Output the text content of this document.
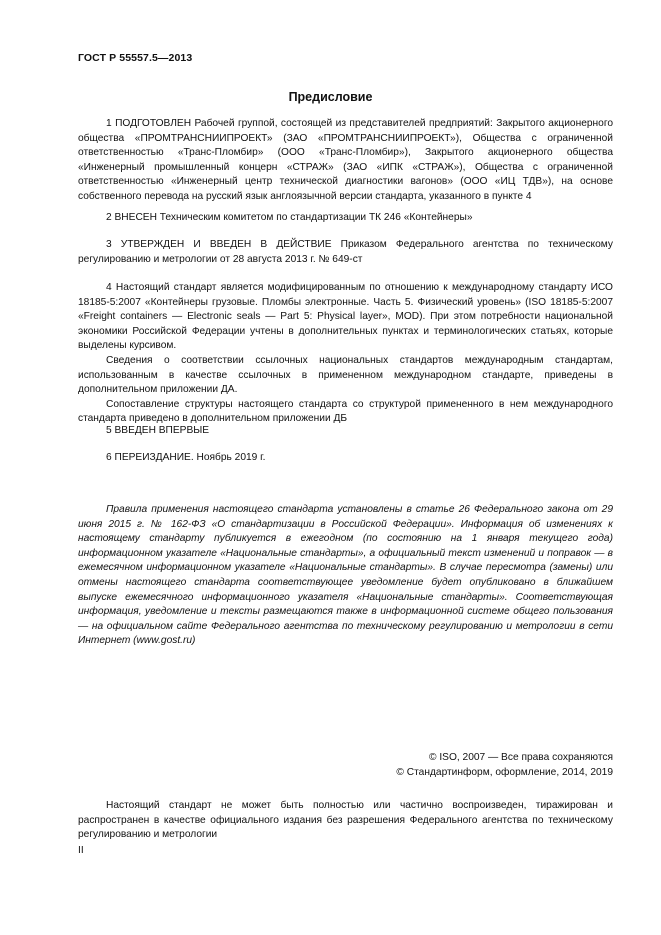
ГОСТ Р 55557.5—2013
Предисловие

1 ПОДГОТОВЛЕН Рабочей группой, состоящей из представителей предприятий: Закрытого акционерного общества «ПРОМТРАНСНИИПРОЕКТ» (ЗАО «ПРОМТРАНСНИИПРОЕКТ»), Общества с ограниченной ответственностью «Транс-Пломбир» (ООО «Транс-Пломбир»), Закрытого акционерного общества «Инженерный промышленный концерн «СТРАЖ» (ЗАО «ИПК «СТРАЖ»), Общества с ограниченной ответственностью «Инженерный центр технической диагностики вагонов» (ООО «ИЦ ТДВ»), на основе собственного перевода на русский язык англоязычной версии стандарта, указанного в пункте 4

2 ВНЕСЕН Техническим комитетом по стандартизации ТК 246 «Контейнеры»

3 УТВЕРЖДЕН И ВВЕДЕН В ДЕЙСТВИЕ Приказом Федерального агентства по техническому регулированию и метрологии от 28 августа 2013 г. № 649-ст

4 Настоящий стандарт является модифицированным по отношению к международному стандарту ИСО 18185-5:2007 «Контейнеры грузовые. Пломбы электронные. Часть 5. Физический уровень» (ISO 18185-5:2007 «Freight containers — Electronic seals — Part 5: Physical layer», MOD). При этом потребности национальной экономики Российской Федерации учтены в дополнительных пунктах и терминологических статьях, которые выделены курсивом.

Сведения о соответствии ссылочных национальных стандартов международным стандартам, использованным в качестве ссылочных в примененном международном стандарте, приведены в дополнительном приложении ДА.

Сопоставление структуры настоящего стандарта со структурой примененного в нем международного стандарта приведено в дополнительном приложении ДБ

5 ВВЕДЕН ВПЕРВЫЕ

6 ПЕРЕИЗДАНИЕ. Ноябрь 2019 г.

Правила применения настоящего стандарта установлены в статье 26 Федерального закона от 29 июня 2015 г. № 162-ФЗ «О стандартизации в Российской Федерации». Информация об изменениях к настоящему стандарту публикуется в ежегодном (по состоянию на 1 января текущего года) информационном указателе «Национальные стандарты», а официальный текст изменений и поправок — в ежемесячном информационном указателе «Национальные стандарты». В случае пересмотра (замены) или отмены настоящего стандарта соответствующее уведомление будет опубликовано в ближайшем выпуске ежемесячного информационного указателя «Национальные стандарты». Соответствующая информация, уведомление и тексты размещаются также в информационной системе общего пользования — на официальном сайте Федерального агентства по техническому регулированию и метрологии в сети Интернет (www.gost.ru)

© ISO, 2007 — Все права сохраняются

© Стандартинформ, оформление, 2014, 2019

Настоящий стандарт не может быть полностью или частично воспроизведен, тиражирован и распространен в качестве официального издания без разрешения Федерального агентства по техническому регулированию и метрологии

II
